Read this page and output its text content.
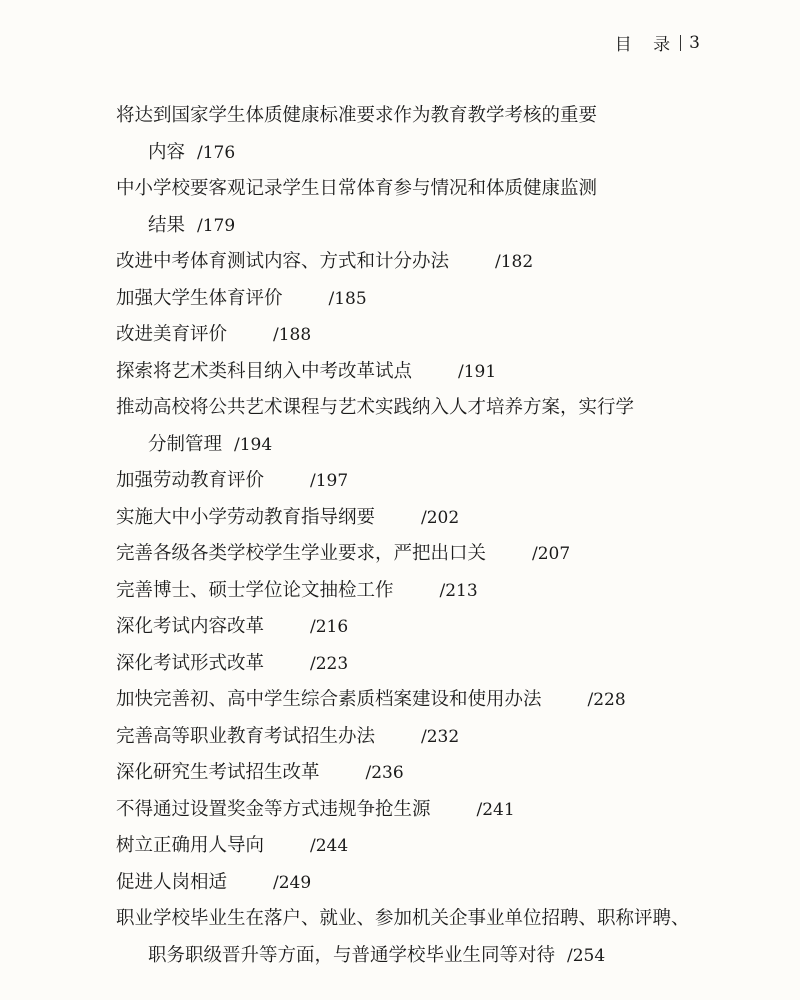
目 录 3
将达到国家学生体质健康标准要求作为教育教学考核的重要
内容 /176
中小学校要客观记录学生日常体育参与情况和体质健康监测
结果 /179
改进中考体育测试内容、方式和计分办法	/182
加强大学生体育评价	/185
改进美育评价	/188
探索将艺术类科目纳入中考改革试点	/191
推动高校将公共艺术课程与艺术实践纳入人才培养方案，实行学
分制管理 /194
加强劳动教育评价	/197
实施大中小学劳动教育指导纲要	/202
完善各级各类学校学生学业要求，严把出口关	/207
完善博士、硕士学位论文抽检工作	/213
深化考试内容改革	/216
深化考试形式改革	/223
加快完善初、高中学生综合素质档案建设和使用办法	/228
完善高等职业教育考试招生办法	/232
深化研究生考试招生改革	/236
不得通过设置奖金等方式违规争抢生源	/241
树立正确用人导向	/244
促进人岗相适	/249
职业学校毕业生在落户、就业、参加机关企事业单位招聘、职称评聘、
职务职级晋升等方面，与普通学校毕业生同等对待 /254
